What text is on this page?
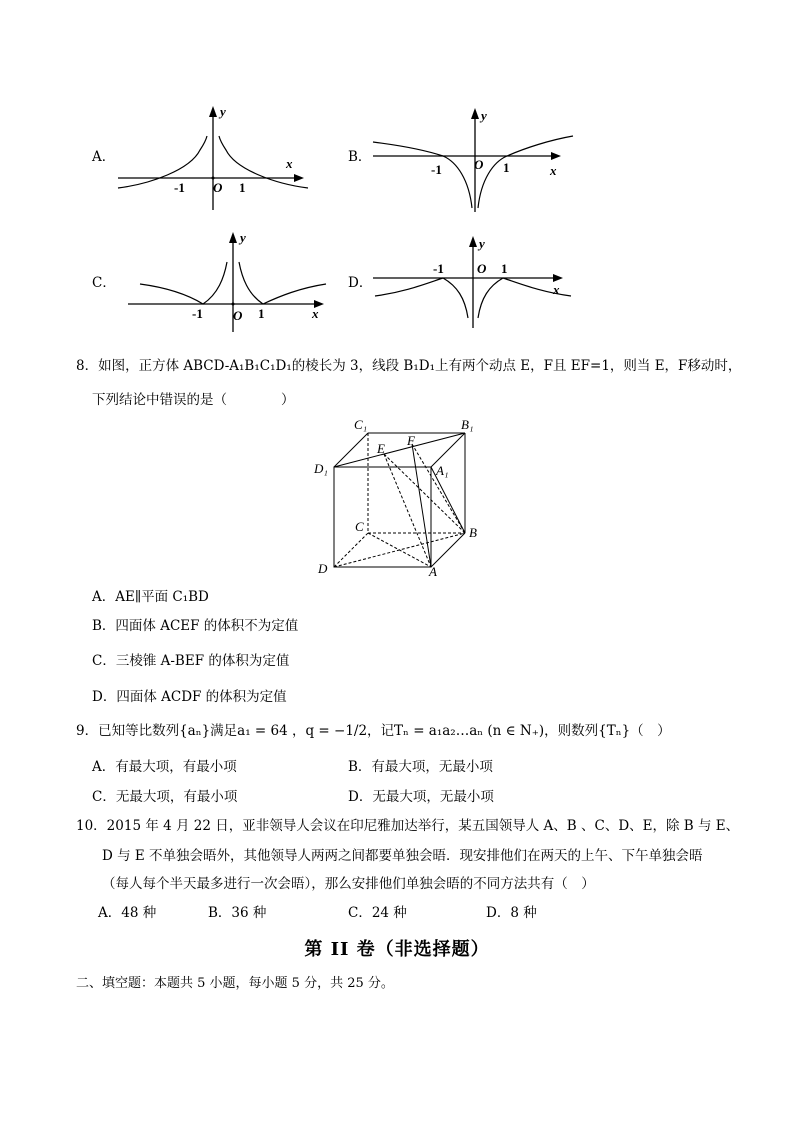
A．	x
y
O
-1	1
B．
x
y
O
-1	1
C．
x
y
O
-1	1
D．	x
y
O
-1	1
8．如图，正方体 ABCD-A₁B₁C₁D₁的棱长为 3，线段 B₁D₁上有两个动点 E，F且 EF=1，则当 E，F移动时，
下列结论中错误的是（　　　　）
C₁	B₁
D₁	A₁
E
F
C	B
D	A
A．AE∥平面 C₁BD
B．四面体 ACEF 的体积不为定值
C．三棱锥 A-BEF 的体积为定值
D．四面体 ACDF 的体积为定值
9．已知等比数列{aₙ}满足a₁ = 64 ，q = −1/2，记Tₙ = a₁a₂…aₙ (n ∈ N₊)，则数列{Tₙ}（　）
A．有最大项，有最小项	B．有最大项，无最小项
C．无最大项，有最小项	D．无最大项，无最小项
10．2015 年 4 月 22 日，亚非领导人会议在印尼雅加达举行，某五国领导人 A、B 、C、D、E，除 B 与 E、
D 与 E 不单独会晤外，其他领导人两两之间都要单独会晤．现安排他们在两天的上午、下午单独会晤
（每人每个半天最多进行一次会晤），那么安排他们单独会晤的不同方法共有（　）
A．48 种	B．36 种	C．24 种	D．8 种
第 II 卷（非选择题）
二、填空题：本题共 5 小题，每小题 5 分，共 25 分。
